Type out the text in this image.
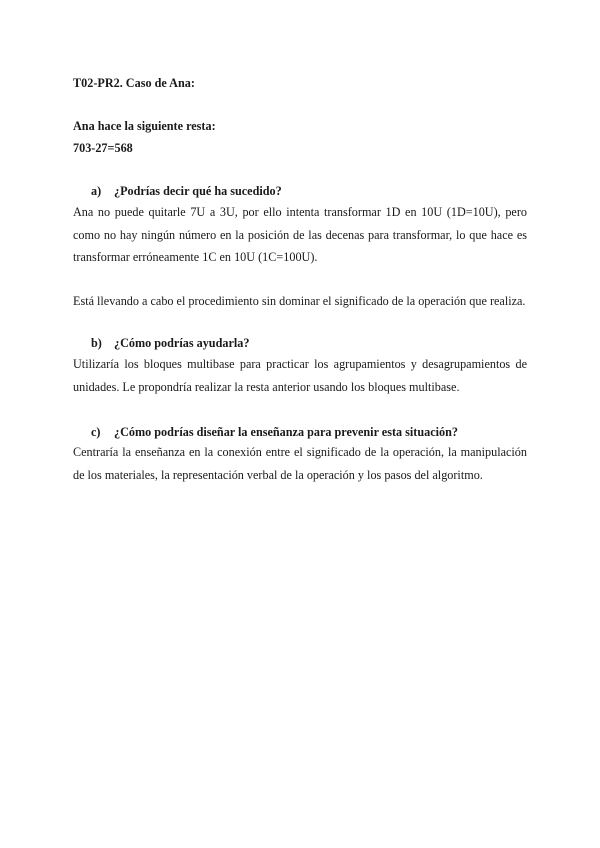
T02-PR2. Caso de Ana:
Ana hace la siguiente resta:
703-27=568
a) ¿Podrías decir qué ha sucedido?
Ana no puede quitarle 7U a 3U, por ello intenta transformar 1D en 10U (1D=10U), pero como no hay ningún número en la posición de las decenas para transformar, lo que hace es transformar erróneamente 1C en 10U (1C=100U).
Está llevando a cabo el procedimiento sin dominar el significado de la operación que realiza.
b) ¿Cómo podrías ayudarla?
Utilizaría los bloques multibase para practicar los agrupamientos y desagrupamientos de unidades. Le propondría realizar la resta anterior usando los bloques multibase.
c) ¿Cómo podrías diseñar la enseñanza para prevenir esta situación?
Centraría la enseñanza en la conexión entre el significado de la operación, la manipulación de los materiales, la representación verbal de la operación y los pasos del algoritmo.
